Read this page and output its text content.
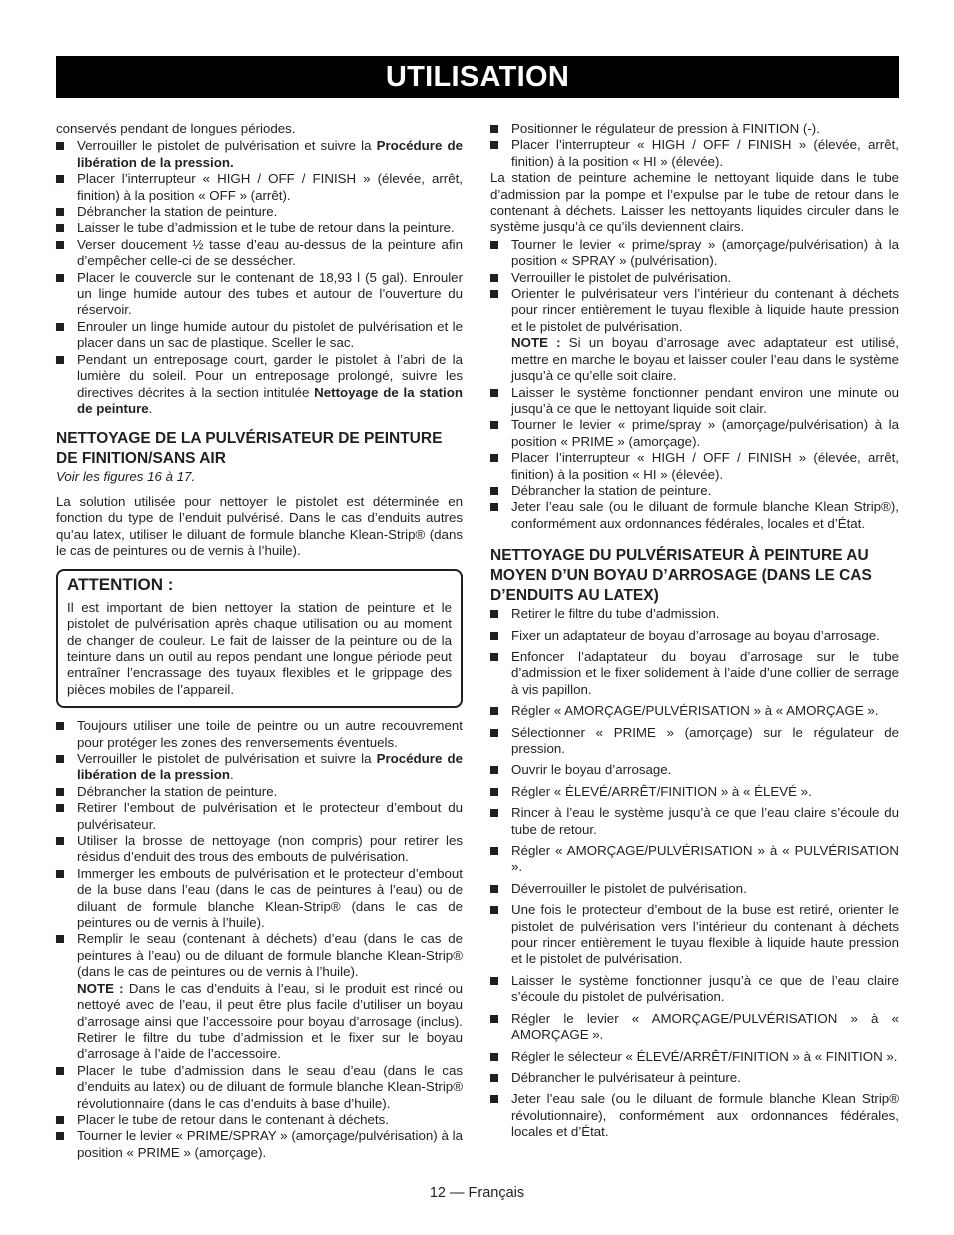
UTILISATION

conservés pendant de longues périodes.

Verrouiller le pistolet de pulvérisation et suivre la Procédure de libération de la pression.
Placer l’interrupteur « HIGH / OFF / FINISH » (élevée, arrêt, finition) à la position « OFF » (arrêt).
Débrancher la station de peinture.
Laisser le tube d’admission et le tube de retour dans la peinture.
Verser doucement ½ tasse d’eau au-dessus de la peinture afin d’empêcher celle-ci de se dessécher.
Placer le couvercle sur le contenant de 18,93 l (5 gal). Enrouler un linge humide autour des tubes et autour de l’ouverture du réservoir.
Enrouler un linge humide autour du pistolet de pulvérisation et le placer dans un sac de plastique. Sceller le sac.
Pendant un entreposage court, garder le pistolet à l’abri de la lumière du soleil. Pour un entreposage prolongé, suivre les directives décrites à la section intitulée Nettoyage de la station de peinture.
NETTOYAGE DE LA PULVÉRISATEUR DE PEINTURE DE FINITION/SANS AIR
Voir les figures 16 à 17.

La solution utilisée pour nettoyer le pistolet est déterminée en fonction du type de l’enduit pulvérisé. Dans le cas d’enduits autres qu’au latex, utiliser le diluant de formule blanche Klean-Strip® (dans le cas de peintures ou de vernis à l’huile).

ATTENTION :

Il est important de bien nettoyer la station de peinture et le pistolet de pulvérisation après chaque utilisation ou au moment de changer de couleur. Le fait de laisser de la peinture ou de la teinture dans un outil au repos pendant une longue période peut entraîner l’encrassage des tuyaux flexibles et le grippage des pièces mobiles de l’appareil.

Toujours utiliser une toile de peintre ou un autre recouvrement pour protéger les zones des renversements éventuels.
Verrouiller le pistolet de pulvérisation et suivre la Procédure de libération de la pression.
Débrancher la station de peinture.
Retirer l’embout de pulvérisation et le protecteur d’embout du pulvérisateur.
Utiliser la brosse de nettoyage (non compris) pour retirer les résidus d’enduit des trous des embouts de pulvérisation.
Immerger les embouts de pulvérisation et le protecteur d’embout de la buse dans l’eau (dans le cas de peintures à l’eau) ou de diluant de formule blanche Klean-Strip® (dans le cas de peintures ou de vernis à l’huile).
Remplir le seau (contenant à déchets) d’eau (dans le cas de peintures à l’eau) ou de diluant de formule blanche Klean-Strip® (dans le cas de peintures ou de vernis à l’huile).
NOTE : Dans le cas d’enduits à l’eau, si le produit est rincé ou nettoyé avec de l’eau, il peut être plus facile d’utiliser un boyau d’arrosage ainsi que l’accessoire pour boyau d’arrosage (inclus). Retirer le filtre du tube d’admission et le fixer sur le boyau d’arrosage à l’aide de l’accessoire.
Placer le tube d’admission dans le seau d’eau (dans le cas d’enduits au latex) ou de diluant de formule blanche Klean-Strip® révolutionnaire (dans le cas d’enduits à base d’huile).
Placer le tube de retour dans le contenant à déchets.
Tourner le levier « PRIME/SPRAY » (amorçage/pulvérisation) à la position « PRIME » (amorçage).
Positionner le régulateur de pression à FINITION (-).
Placer l’interrupteur « HIGH / OFF / FINISH » (élevée, arrêt, finition) à la position « HI » (élevée).

La station de peinture achemine le nettoyant liquide dans le tube d’admission par la pompe et l’expulse par le tube de retour dans le contenant à déchets. Laisser les nettoyants liquides circuler dans le système jusqu’à ce qu’ils deviennent clairs.

Tourner le levier « prime/spray » (amorçage/pulvérisation) à la position « SPRAY » (pulvérisation).
Verrouiller le pistolet de pulvérisation.
Orienter le pulvérisateur vers l’intérieur du contenant à déchets pour rincer entièrement le tuyau flexible à liquide haute pression et le pistolet de pulvérisation.
NOTE : Si un boyau d’arrosage avec adaptateur est utilisé, mettre en marche le boyau et laisser couler l’eau dans le système jusqu’à ce qu’elle soit claire.
Laisser le système fonctionner pendant environ une minute ou jusqu’à ce que le nettoyant liquide soit clair.
Tourner le levier « prime/spray » (amorçage/pulvérisation) à la position « PRIME » (amorçage).
Placer l’interrupteur « HIGH / OFF / FINISH » (élevée, arrêt, finition) à la position « HI » (élevée).
Débrancher la station de peinture.
Jeter l’eau sale (ou le diluant de formule blanche Klean Strip®), conformément aux ordonnances fédérales, locales et d’État.
NETTOYAGE DU PULVÉRISATEUR À PEINTURE AU MOYEN D’UN BOYAU D’ARROSAGE (DANS LE CAS D’ENDUITS AU LATEX)
Retirer le filtre du tube d’admission.
Fixer un adaptateur de boyau d’arrosage au boyau d’arrosage.
Enfoncer l’adaptateur du boyau d’arrosage sur le tube d’admission et le fixer solidement à l’aide d’une collier de serrage à vis papillon.
Régler « AMORÇAGE/PULVÉRISATION » à « AMORÇAGE ».
Sélectionner « PRIME » (amorçage) sur le régulateur de pression.
Ouvrir le boyau d’arrosage.
Régler « ÉLEVÉ/ARRÊT/FINITION » à « ÉLEVÉ ».
Rincer à l’eau le système jusqu’à ce que l’eau claire s’écoule du tube de retour.
Régler « AMORÇAGE/PULVÉRISATION » à « PULVÉRISATION ».
Déverrouiller le pistolet de pulvérisation.
Une fois le protecteur d’embout de la buse est retiré, orienter le pistolet de pulvérisation vers l’intérieur du contenant à déchets pour rincer entièrement le tuyau flexible à liquide haute pression et le pistolet de pulvérisation.
Laisser le système fonctionner jusqu’à ce que de l’eau claire s’écoule du pistolet de pulvérisation.
Régler le levier « AMORÇAGE/PULVÉRISATION » à « AMORÇAGE ».
Régler le sélecteur « ÉLEVÉ/ARRÊT/FINITION » à « FINITION ».
Débrancher le pulvérisateur à peinture.
Jeter l’eau sale (ou le diluant de formule blanche Klean Strip® révolutionnaire), conformément aux ordonnances fédérales, locales et d’État.
12 — Français
